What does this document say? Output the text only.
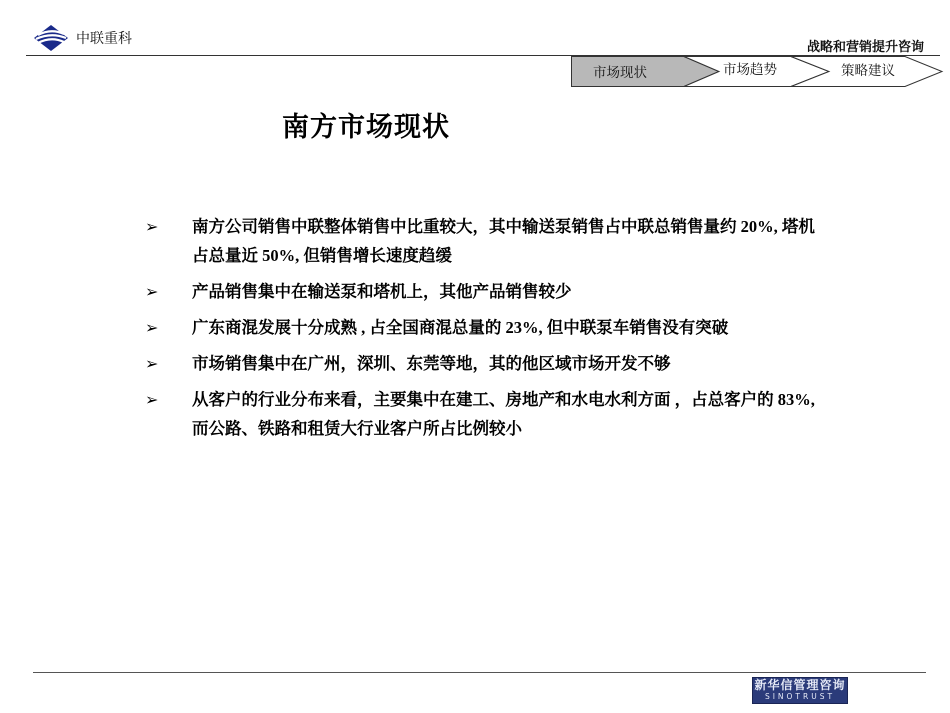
中联重科
战略和营销提升咨询
市场现状	市场趋势	策略建议
南方市场现状
➢ 南方公司销售中联整体销售中比重较大，其中输送泵销售占中联总销售量约 20%, 塔机占总量近 50%, 但销售增长速度趋缓
➢ 产品销售集中在输送泵和塔机上，其他产品销售较少
➢ 广东商混发展十分成熟 , 占全国商混总量的 23%, 但中联泵车销售没有突破
➢ 市场销售集中在广州，深圳、东莞等地，其的他区域市场开发不够
➢ 从客户的行业分布来看，主要集中在建工、房地产和水电水利方面 ，占总客户的 83%, 而公路、铁路和租赁大行业客户所占比例较小
新华信管理咨询
SINOTRUST
